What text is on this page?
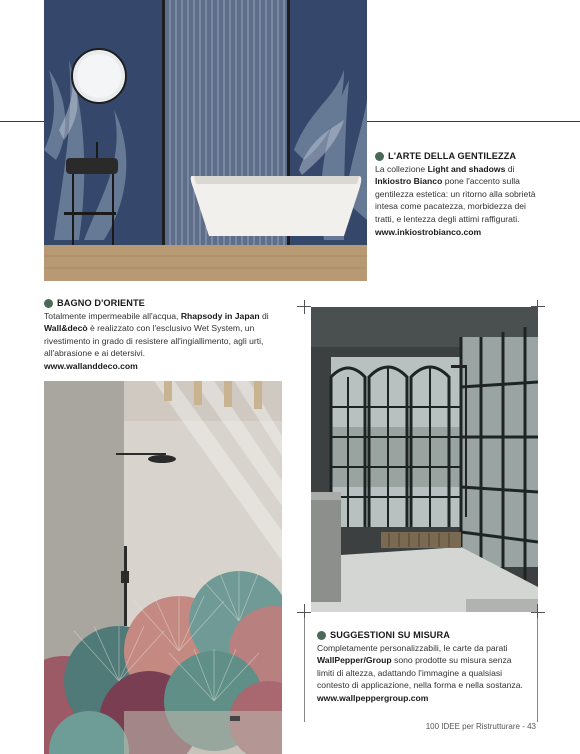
L'ARTE DELLA GENTILEZZA
La collezione Light and shadows di Inkiostro Bianco pone l'accento sulla gentilezza estetica: un ritorno alla sobrietà intesa come pacatezza, morbidezza dei tratti, e lentezza degli attimi raffigurati.
www.inkiostrobianco.com
BAGNO D'ORIENTE
Totalmente impermeabile all'acqua, Rhapsody in Japan di Wall&decò è realizzato con l'esclusivo Wet System, un rivestimento in grado di resistere all'ingiallimento, agli urti, all'abrasione e ai detersivi.
www.wallanddeco.com
SUGGESTIONI SU MISURA
Completamente personalizzabili, le carte da parati WallPepper/Group sono prodotte su misura senza limiti di altezza, adattando l'immagine a qualsiasi contesto di applicazione, nella forma e nella sostanza.
www.wallpeppergroup.com
100 IDEE per Ristrutturare - 43
